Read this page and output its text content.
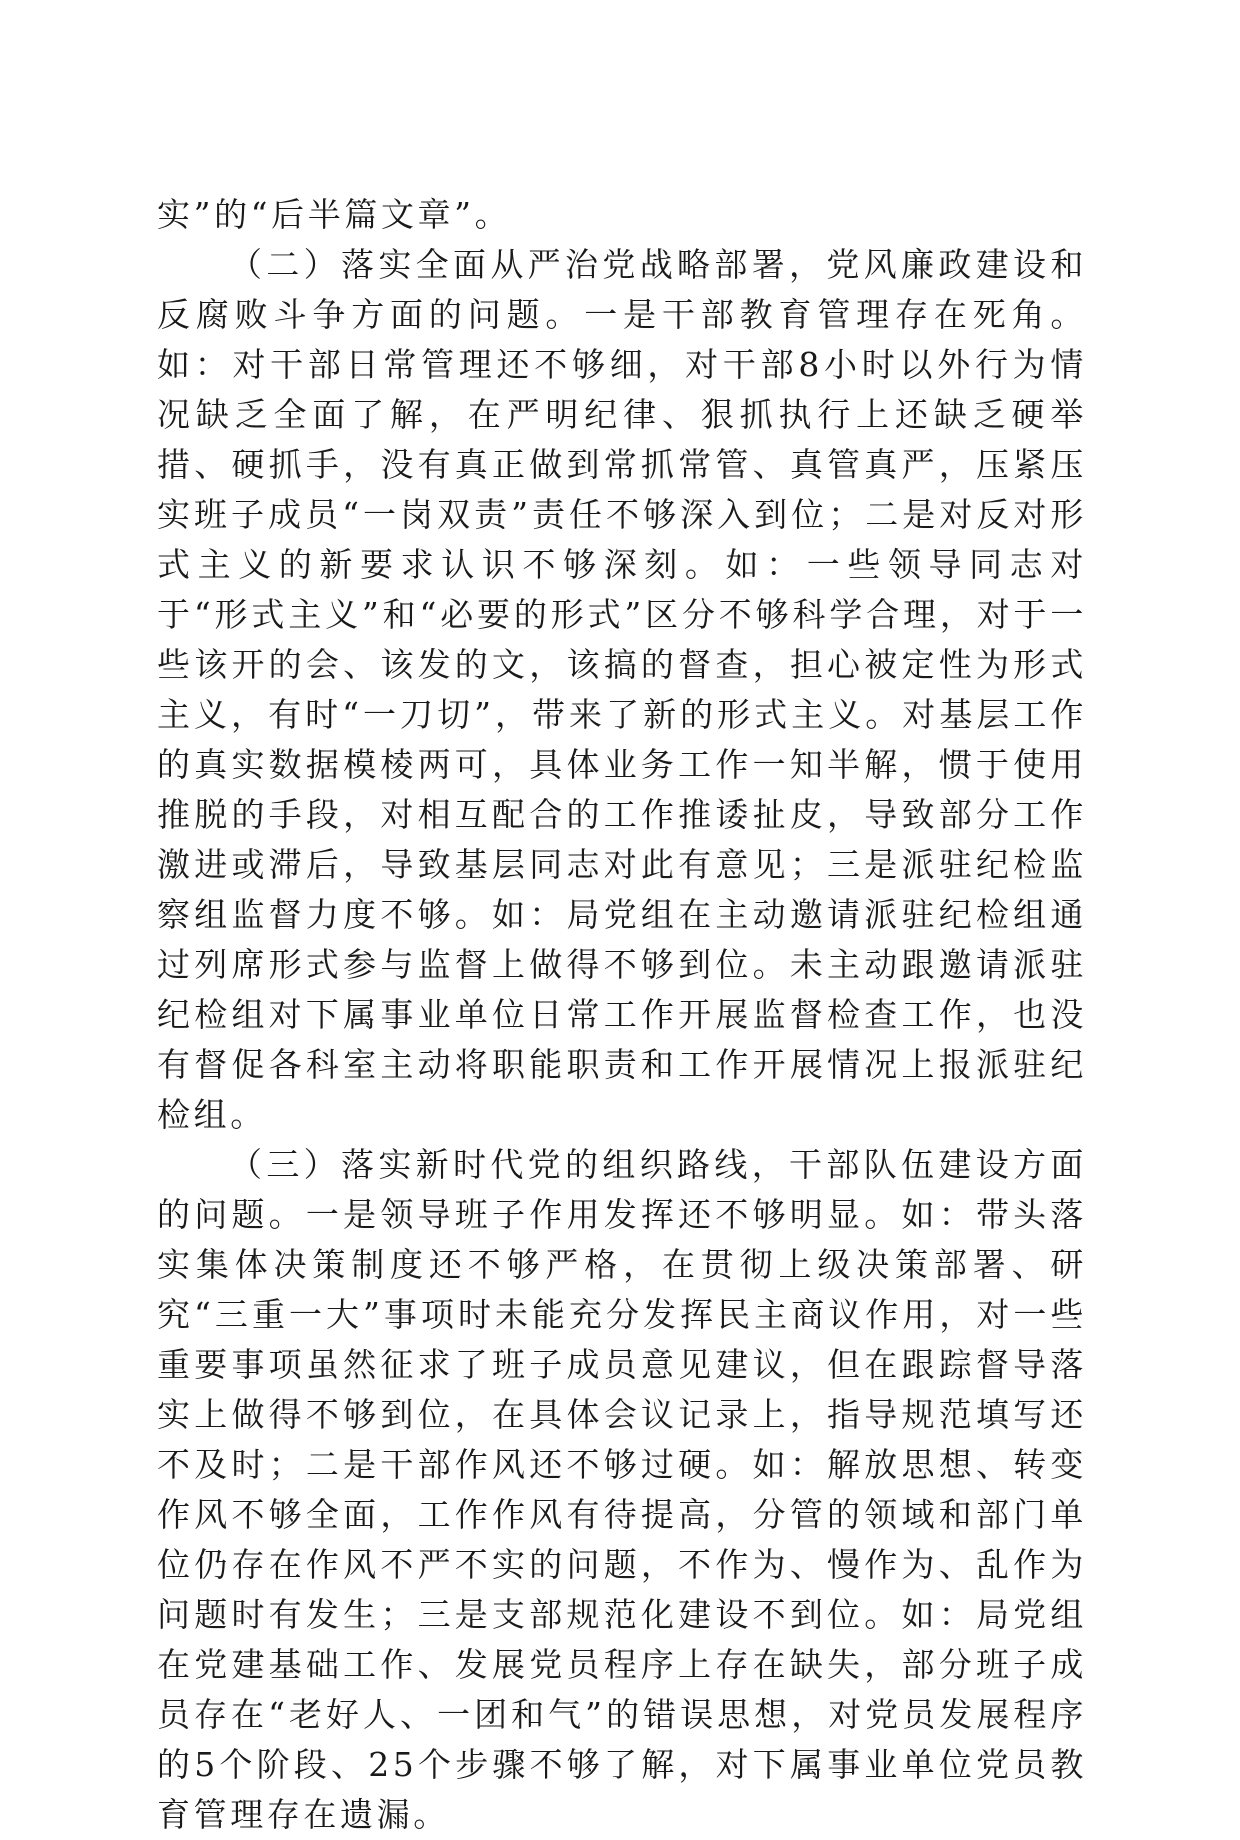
实”的“后半篇文章”。

（二）落实全面从严治党战略部署，党风廉政建设和反腐败斗争方面的问题。一是干部教育管理存在死角。如：对干部日常管理还不够细，对干部8小时以外行为情况缺乏全面了解，在严明纪律、狠抓执行上还缺乏硬举措、硬抓手，没有真正做到常抓常管、真管真严，压紧压实班子成员“一岗双责”责任不够深入到位；二是对反对形式主义的新要求认识不够深刻。如：一些领导同志对于“形式主义”和“必要的形式”区分不够科学合理，对于一些该开的会、该发的文，该搞的督查，担心被定性为形式主义，有时“一刀切”，带来了新的形式主义。对基层工作的真实数据模棱两可，具体业务工作一知半解，惯于使用推脱的手段，对相互配合的工作推诿扯皮，导致部分工作激进或滞后，导致基层同志对此有意见；三是派驻纪检监察组监督力度不够。如：局党组在主动邀请派驻纪检组通过列席形式参与监督上做得不够到位。未主动跟邀请派驻纪检组对下属事业单位日常工作开展监督检查工作，也没有督促各科室主动将职能职责和工作开展情况上报派驻纪检组。

（三）落实新时代党的组织路线，干部队伍建设方面的问题。一是领导班子作用发挥还不够明显。如：带头落实集体决策制度还不够严格，在贯彻上级决策部署、研究“三重一大”事项时未能充分发挥民主商议作用，对一些重要事项虽然征求了班子成员意见建议，但在跟踪督导落实上做得不够到位，在具体会议记录上，指导规范填写还不及时；二是干部作风还不够过硬。如：解放思想、转变作风不够全面，工作作风有待提高，分管的领域和部门单位仍存在作风不严不实的问题，不作为、慢作为、乱作为问题时有发生；三是支部规范化建设不到位。如：局党组在党建基础工作、发展党员程序上存在缺失，部分班子成员存在“老好人、一团和气”的错误思想，对党员发展程序的5个阶段、25个步骤不够了解，对下属事业单位党员教育管理存在遗漏。
